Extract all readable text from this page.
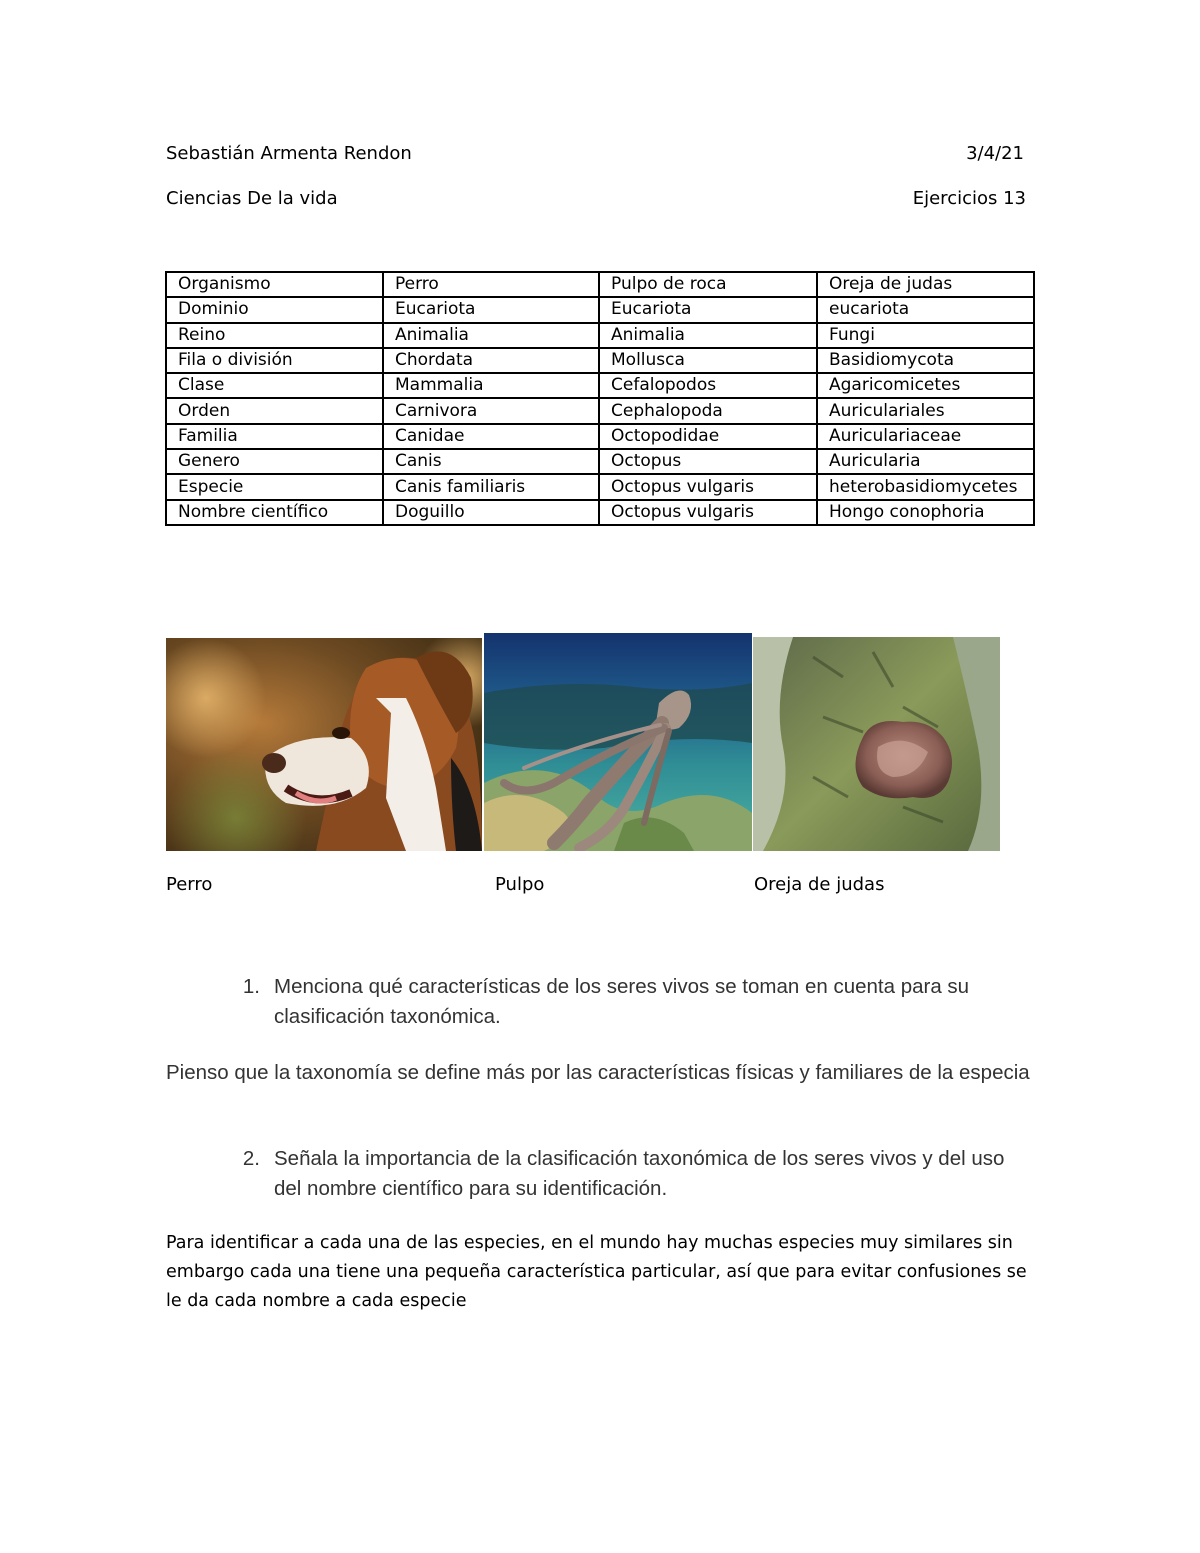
Sebastián Armenta Rendon	3/4/21
Ciencias De la vida	Ejercicios 13
Organismo	Perro	Pulpo de roca	Oreja de judas
Dominio	Eucariota	Eucariota	eucariota
Reino	Animalia	Animalia	Fungi
Fila o división	Chordata	Mollusca	Basidiomycota
Clase	Mammalia	Cefalopodos	Agaricomicetes
Orden	Carnivora	Cephalopoda	Auriculariales
Familia	Canidae	Octopodidae	Auriculariaceae
Genero	Canis	Octopus	Auricularia
Especie	Canis familiaris	Octopus vulgaris	heterobasidiomycetes
Nombre científico	Doguillo	Octopus vulgaris	Hongo conophoria
Perro	Pulpo	Oreja de judas
1. Menciona qué características de los seres vivos se toman en cuenta para su clasificación taxonómica.
Pienso que la taxonomía se define más por las características físicas y familiares de la especia
2. Señala la importancia de la clasificación taxonómica de los seres vivos y del uso del nombre científico para su identificación.
Para identificar a cada una de las especies, en el mundo hay muchas especies muy similares sin embargo cada una tiene una pequeña característica particular, así que para evitar confusiones se le da cada nombre a cada especie
